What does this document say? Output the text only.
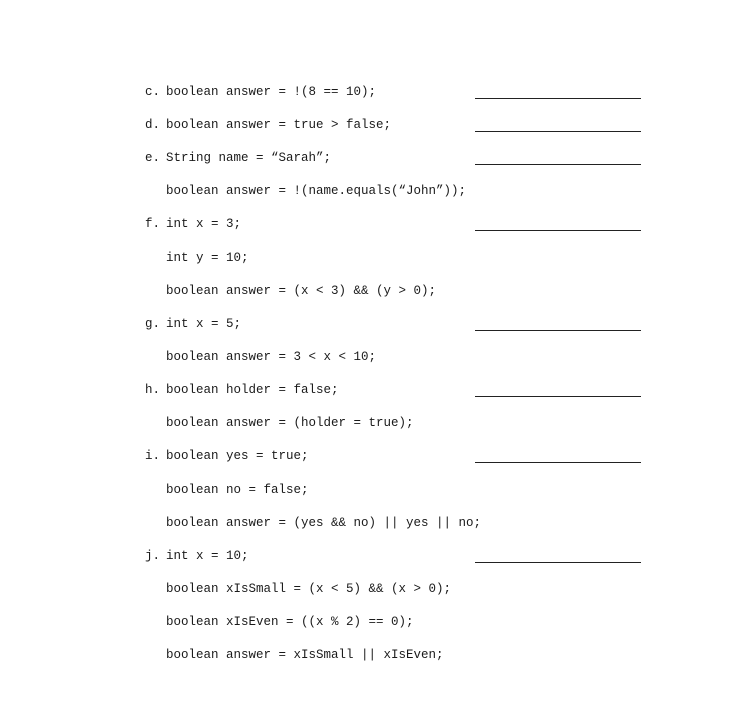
c. boolean answer = !(8 == 10);
d. boolean answer = true > false;
e. String name = “Sarah”;
boolean answer = !(name.equals(“John”));
f. int x = 3;
int y = 10;
boolean answer = (x < 3) && (y > 0);
g. int x = 5;
boolean answer = 3 < x < 10;
h. boolean holder = false;
boolean answer = (holder = true);
i. boolean yes = true;
boolean no = false;
boolean answer = (yes && no) || yes || no;
j. int x = 10;
boolean xIsSmall = (x < 5) && (x > 0);
boolean xIsEven = ((x % 2) == 0);
boolean answer = xIsSmall || xIsEven;
